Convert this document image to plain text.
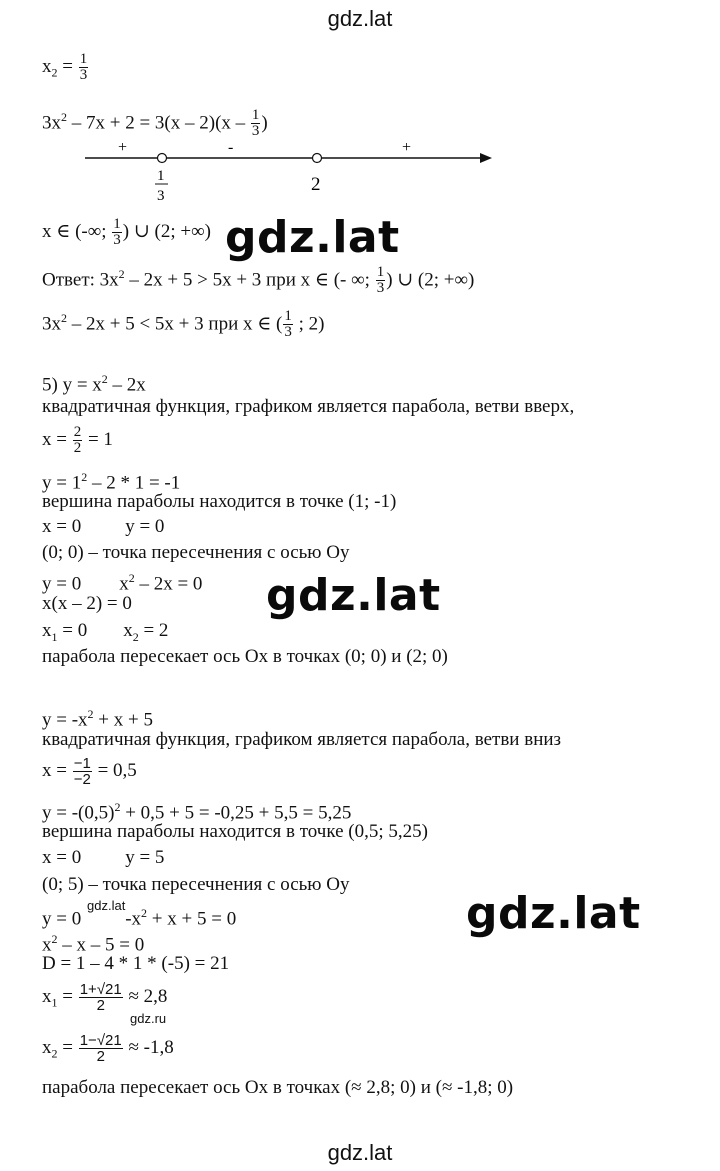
gdz.lat
gdz.lat
gdz.lat
gdz.lat
gdz.lat
gdz.ru
gdz.lat
$x_2 = \frac{1}{3}$
$3x^2 - 7x + 2 = 3(x - 2)(x - \frac{1}{3}$ )
+	-	+
1
3
2
x ∈ (-∞; $\frac{1}{3}$ ) ∪ (2; +∞)
Ответ: $3x^2 - 2x + 5 > 5x + 3$ при x ∈ (- ∞; $\frac{1}{3}$ ) ∪ (2; +∞)
$3x^2 - 2x + 5 < 5x + 3$ при x ∈ ( $\frac{1}{3}$ ; 2)
5) $y = x^2 - 2x$
квадратичная функция, графиком является парабола, ветви вверх,
$x = \frac{2}{2} = 1$
$y = 1^2 - 2 * 1 = -1$
вершина параболы находится в точке (1; -1)
x = 0 y = 0
(0; 0) – точка пересечнения с осью Оy
y = 0 $x^2 - 2x = 0$
x(x – 2) = 0
$x_1 = 0$ $x_2 = 2$
парабола пересекает ось Ox в точках (0; 0) и (2; 0)
$y = -x^2 + x + 5$
квадратичная функция, графиком является парабола, ветви вниз
$x = \frac{-1}{-2} = 0,5$
$y = -(0,5)^2 + 0,5 + 5 = -0,25 + 5,5 = 5,25$
вершина параболы находится в точке (0,5; 5,25)
x = 0 y = 5
(0; 5) – точка пересечнения с осью Оy
y = 0 $-x^2 + x + 5 = 0$
$x^2 - x - 5 = 0$
D = 1 – 4 * 1 * (-5) = 21
$x_1 = \frac{1+√21}{2} \approx 2,8$
$x_2 = \frac{1-√21}{2} \approx -1,8$
парабола пересекает ось Ox в точках (≈ 2,8; 0) и (≈ -1,8; 0)
